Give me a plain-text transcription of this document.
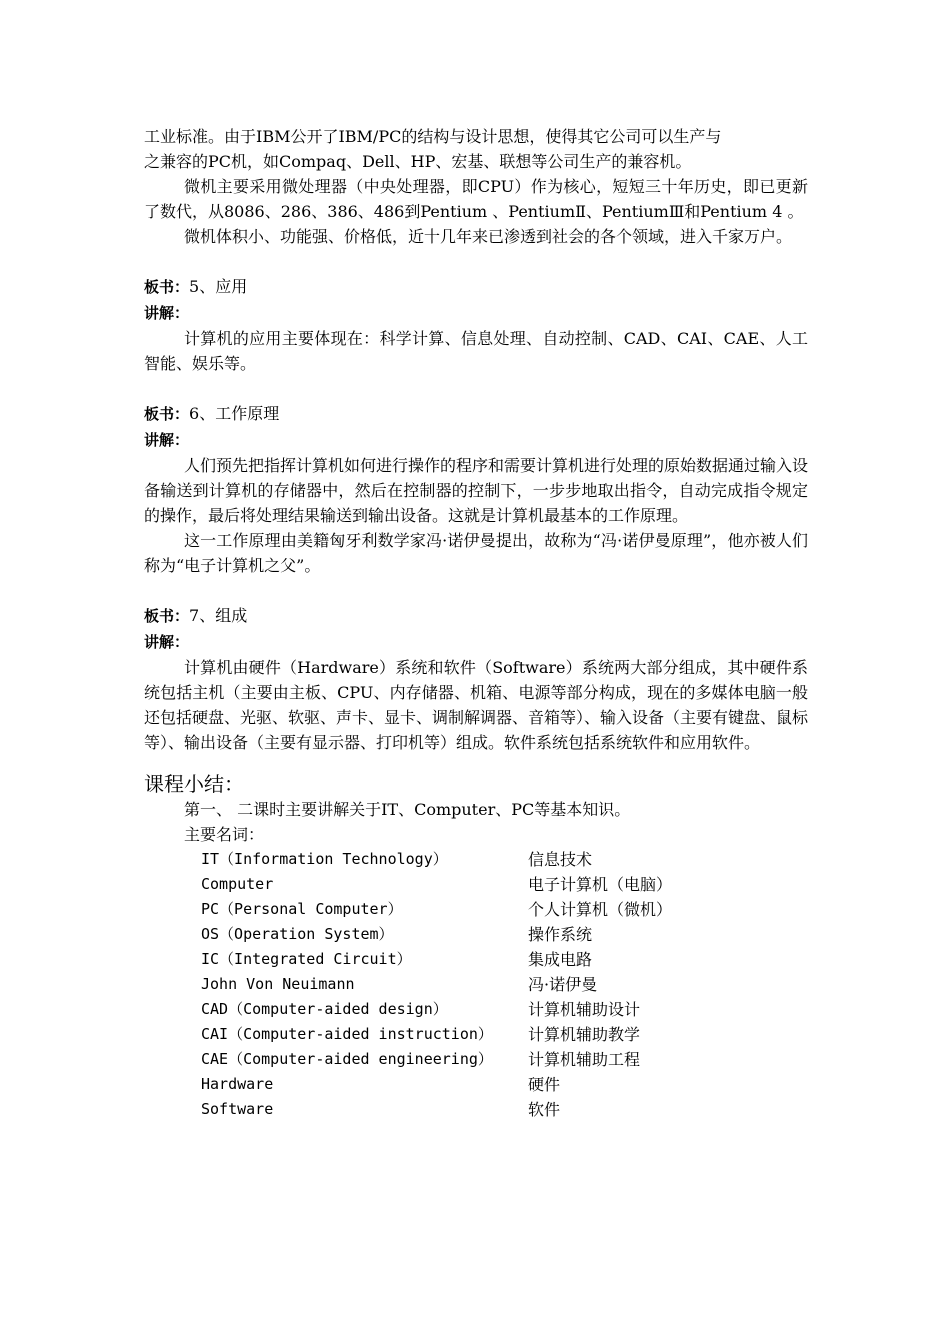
工业标准。由于IBM公开了IBM/PC的结构与设计思想，使得其它公司可以生产与
之兼容的PC机，如Compaq、Dell、HP、宏基、联想等公司生产的兼容机。
微机主要采用微处理器（中央处理器，即CPU）作为核心，短短三十年历史，即已更新了数代，从8086、286、386、486到Pentium 、PentiumⅡ、PentiumⅢ和Pentium 4 。
微机体积小、功能强、价格低，近十几年来已渗透到社会的各个领域，进入千家万户。
板书：5、应用
讲解：
计算机的应用主要体现在：科学计算、信息处理、自动控制、CAD、CAI、CAE、人工智能、娱乐等。
板书：6、工作原理
讲解：
人们预先把指挥计算机如何进行操作的程序和需要计算机进行处理的原始数据通过输入设备输送到计算机的存储器中，然后在控制器的控制下，一步步地取出指令，自动完成指令规定的操作，最后将处理结果输送到输出设备。这就是计算机最基本的工作原理。
这一工作原理由美籍匈牙利数学家冯·诺伊曼提出，故称为“冯·诺伊曼原理”，他亦被人们称为“电子计算机之父”。
板书：7、组成
讲解：
计算机由硬件（Hardware）系统和软件（Software）系统两大部分组成，其中硬件系统包括主机（主要由主板、CPU、内存储器、机箱、电源等部分构成，现在的多媒体电脑一般还包括硬盘、光驱、软驱、声卡、显卡、调制解调器、音箱等）、输入设备（主要有键盘、鼠标等）、输出设备（主要有显示器、打印机等）组成。软件系统包括系统软件和应用软件。
课程小结：
第一、 二课时主要讲解关于IT、Computer、PC等基本知识。
主要名词：
IT（Information Technology）	信息技术
Computer	电子计算机（电脑）
PC（Personal Computer）	个人计算机（微机）
OS（Operation System）	操作系统
IC（Integrated Circuit）	集成电路
John Von Neuimann	冯·诺伊曼
CAD（Computer-aided design）	计算机辅助设计
CAI（Computer-aided instruction）	计算机辅助教学
CAE（Computer-aided engineering）	计算机辅助工程
Hardware	硬件
Software	软件
